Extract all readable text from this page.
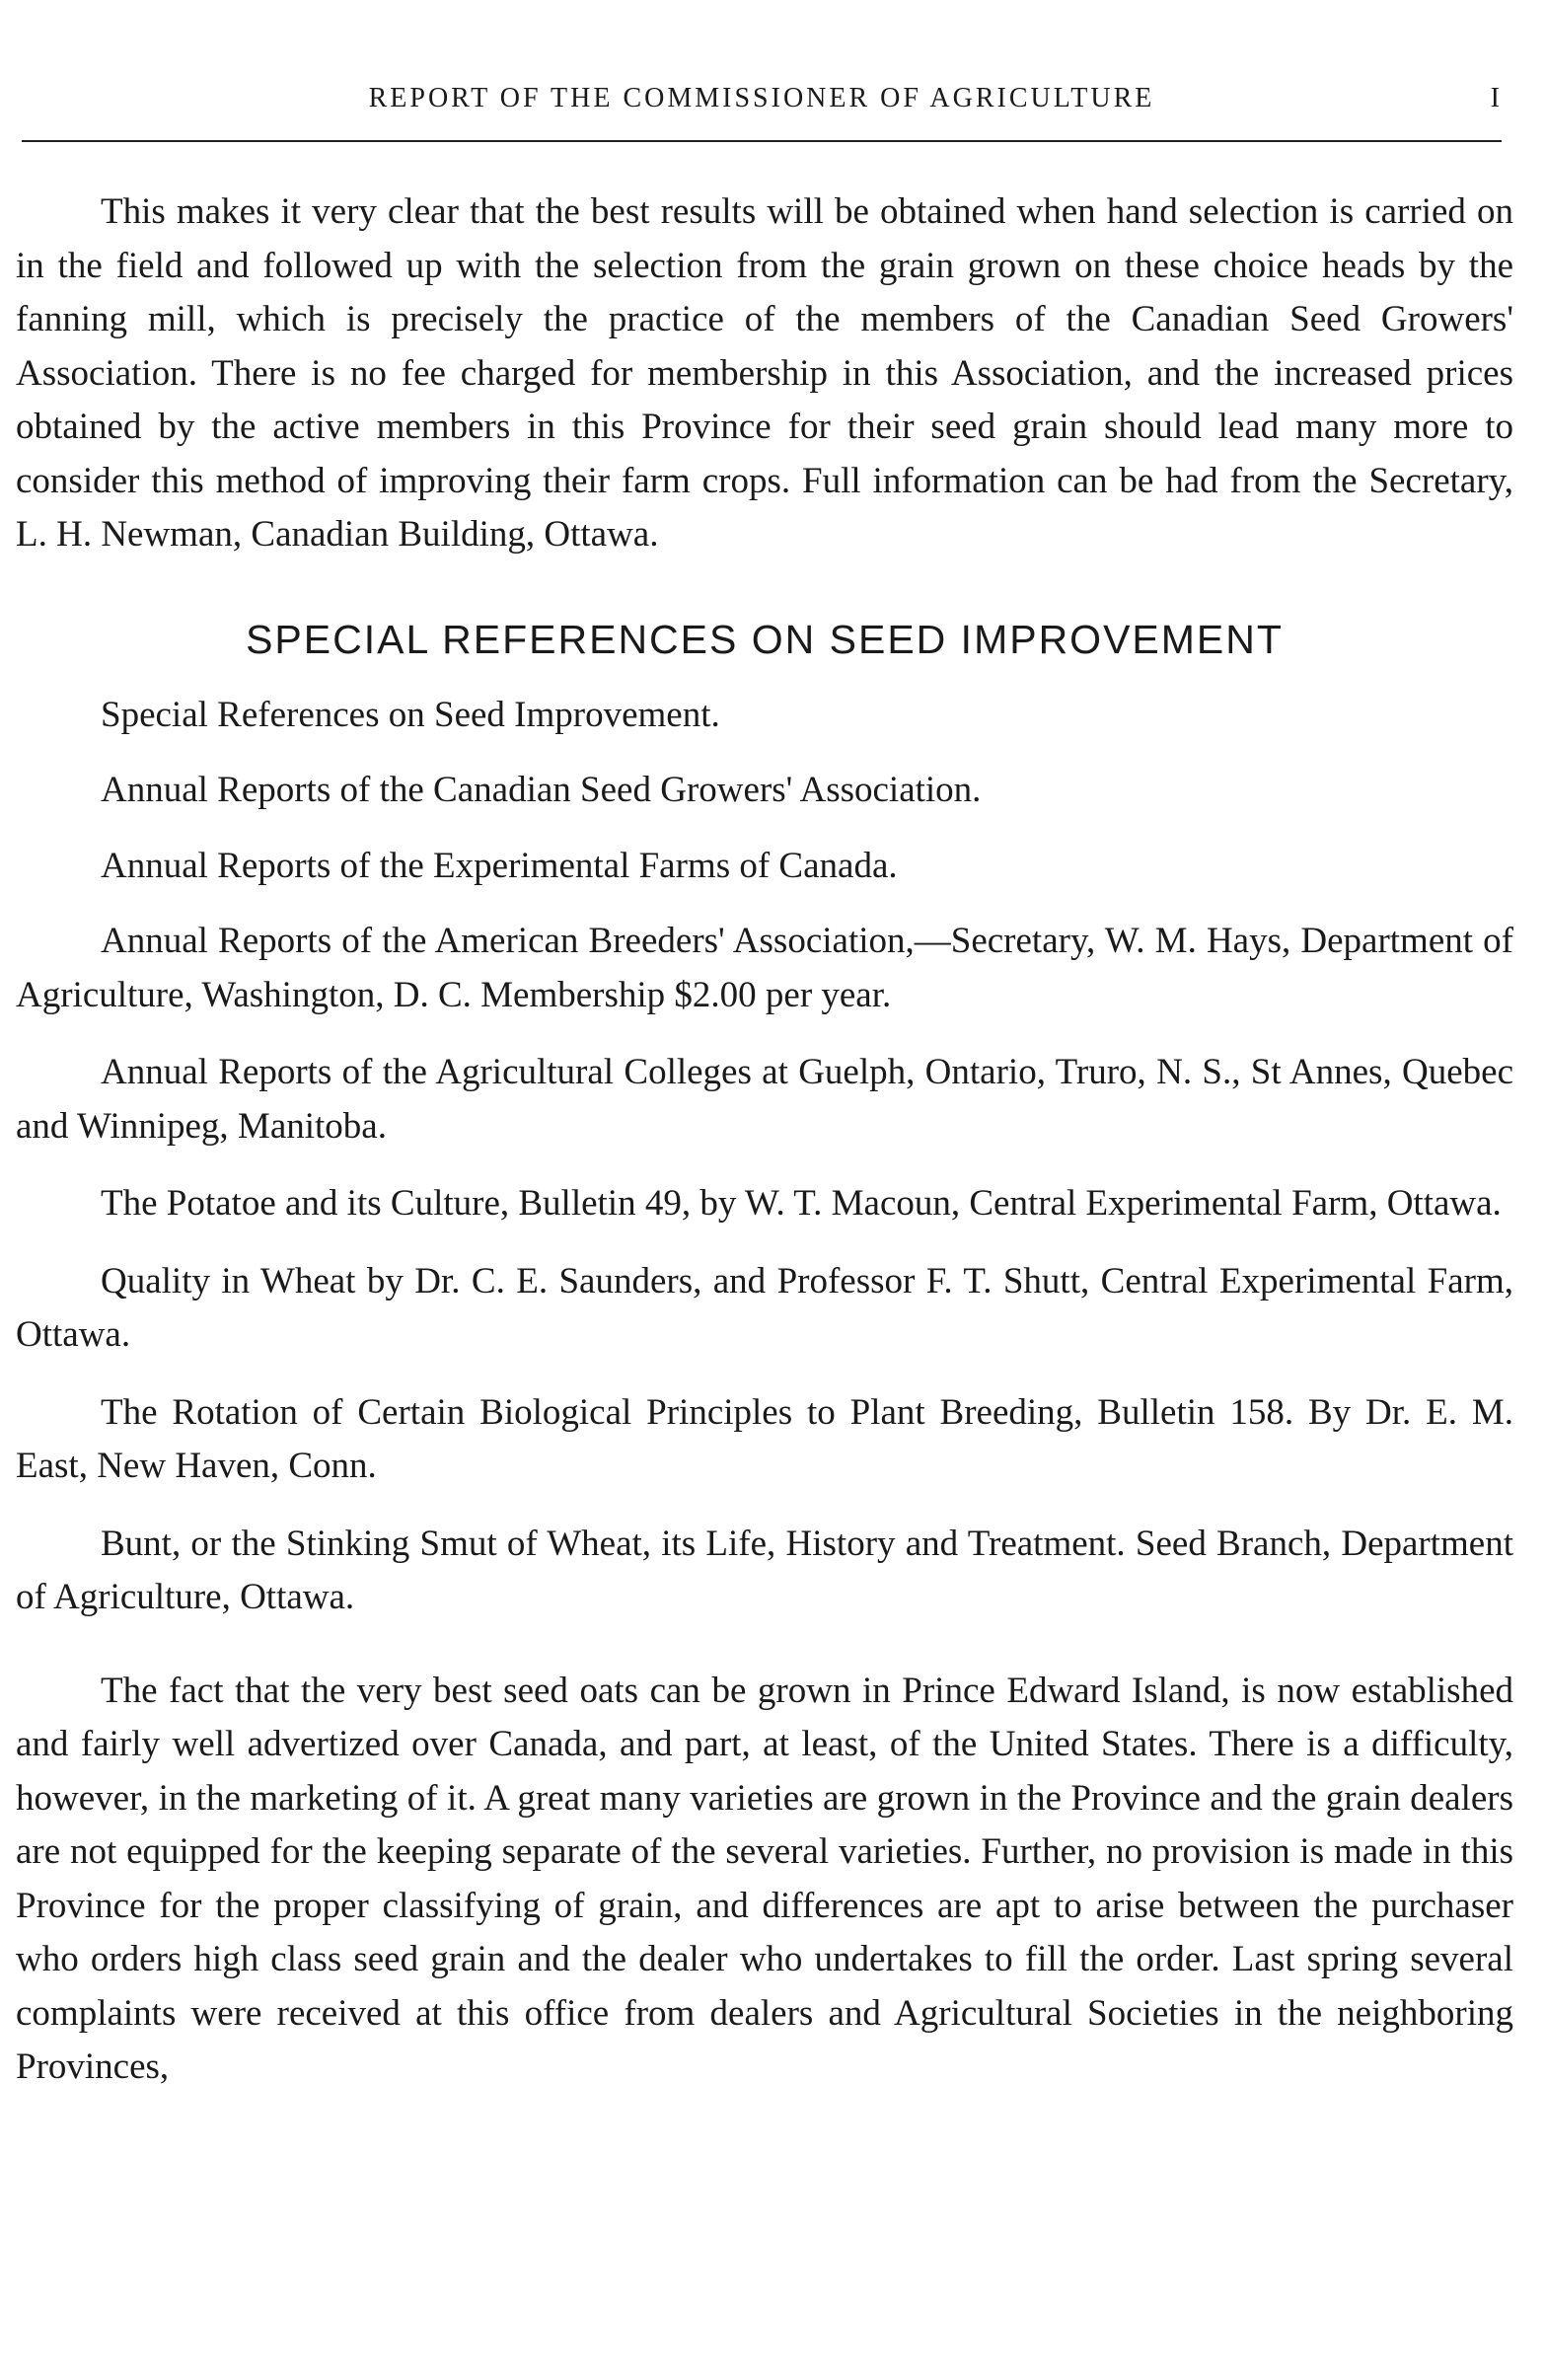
REPORT OF THE COMMISSIONER OF AGRICULTURE	I

This makes it very clear that the best results will be obtained when hand selection is carried on in the field and followed up with the selection from the grain grown on these choice heads by the fanning mill, which is precisely the practice of the members of the Canadian Seed Growers' Association. There is no fee charged for membership in this Association, and the increased prices obtained by the active members in this Province for their seed grain should lead many more to consider this method of improving their farm crops. Full information can be had from the Secretary, L. H. Newman, Canadian Building, Ottawa.

SPECIAL REFERENCES ON SEED IMPROVEMENT

Special References on Seed Improvement.

Annual Reports of the Canadian Seed Growers' Association.

Annual Reports of the Experimental Farms of Canada.

Annual Reports of the American Breeders' Association,—Secretary, W. M. Hays, Department of Agriculture, Washington, D. C. Membership $2.00 per year.

Annual Reports of the Agricultural Colleges at Guelph, Ontario, Truro, N. S., St Annes, Quebec and Winnipeg, Manitoba.

The Potatoe and its Culture, Bulletin 49, by W. T. Macoun, Central Experimental Farm, Ottawa.

Quality in Wheat by Dr. C. E. Saunders, and Professor F. T. Shutt, Central Experimental Farm, Ottawa.

The Rotation of Certain Biological Principles to Plant Breeding, Bulletin 158. By Dr. E. M. East, New Haven, Conn.

Bunt, or the Stinking Smut of Wheat, its Life, History and Treatment. Seed Branch, Department of Agriculture, Ottawa.

The fact that the very best seed oats can be grown in Prince Edward Island, is now established and fairly well advertized over Canada, and part, at least, of the United States. There is a difficulty, however, in the marketing of it. A great many varieties are grown in the Province and the grain dealers are not equipped for the keeping separate of the several varieties. Further, no provision is made in this Province for the proper classifying of grain, and differences are apt to arise between the purchaser who orders high class seed grain and the dealer who undertakes to fill the order. Last spring several complaints were received at this office from dealers and Agricultural Societies in the neighboring Provinces,
